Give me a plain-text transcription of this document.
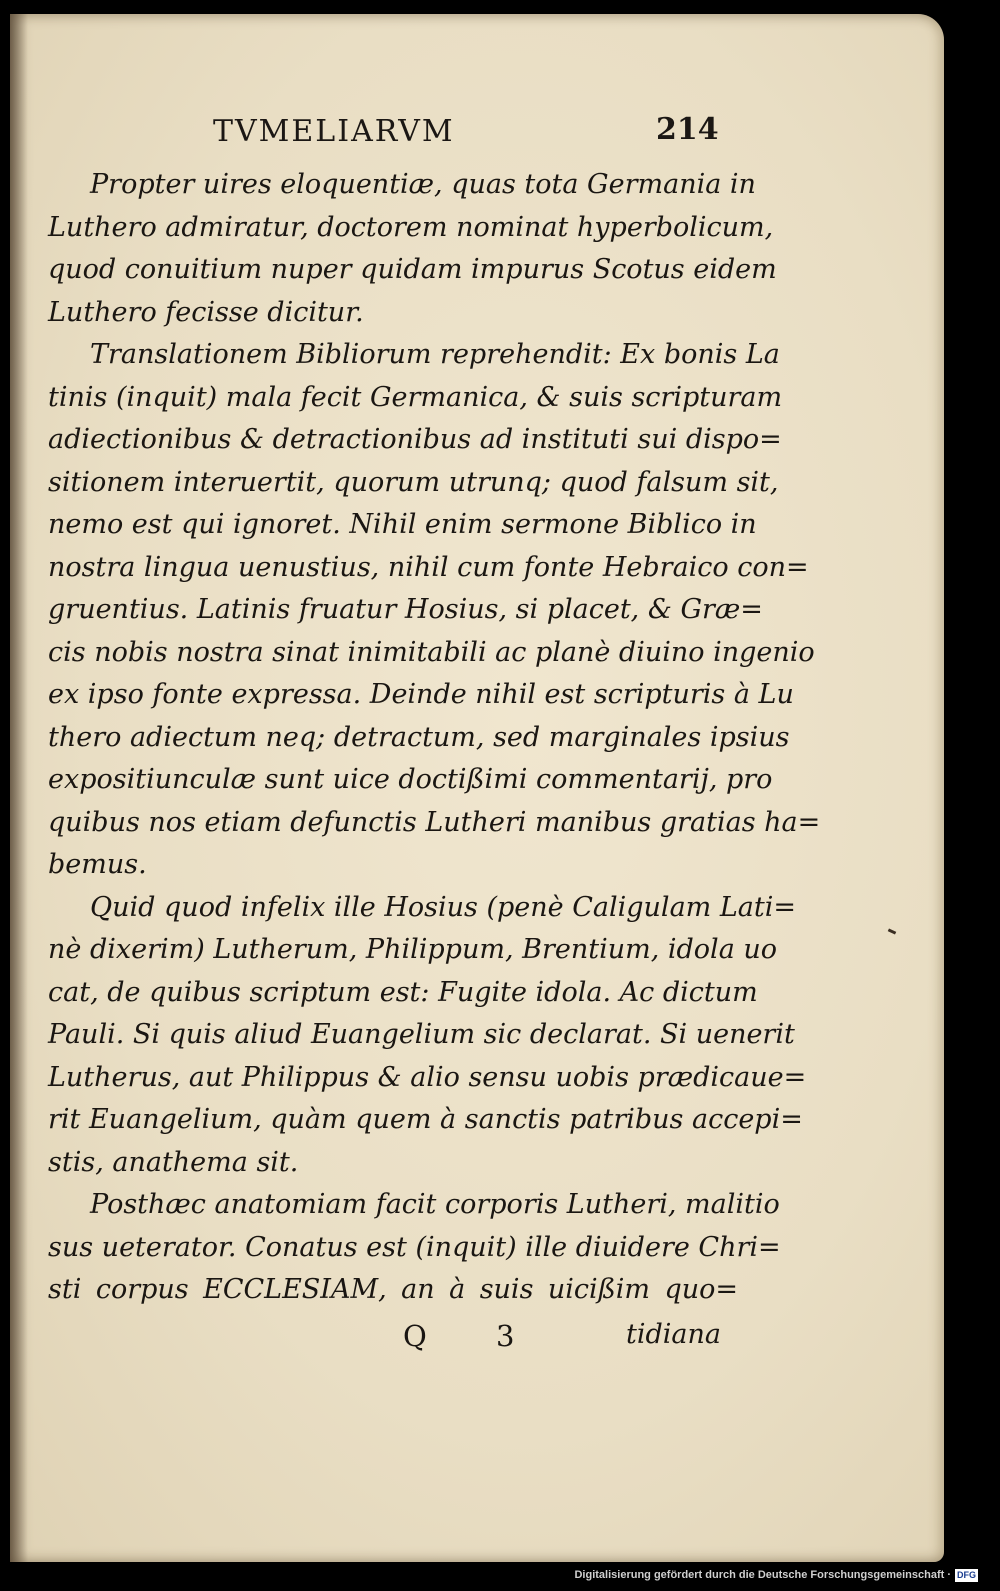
TVMELIARVM	214
Propter uires eloquentiæ, quas tota Germania in
Luthero admiratur, doctorem nominat hyperbolicum,
quod conuitium nuper quidam impurus Scotus eidem
Luthero fecisse dicitur.
Translationem Bibliorum reprehendit: Ex bonis La
tinis (inquit) mala fecit Germanica, & suis scripturam
adiectionibus & detractionibus ad instituti sui dispo=
sitionem interuertit, quorum utrunq; quod falsum sit,
nemo est qui ignoret. Nihil enim sermone Biblico in
nostra lingua uenustius, nihil cum fonte Hebraico con=
gruentius. Latinis fruatur Hosius, si placet, & Græ=
cis nobis nostra sinat inimitabili ac planè diuino ingenio
ex ipso fonte expressa. Deinde nihil est scripturis à Lu
thero adiectum neq; detractum, sed marginales ipsius
expositiunculæ sunt uice doctißimi commentarij, pro
quibus nos etiam defunctis Lutheri manibus gratias ha=
bemus.
Quid quod infelix ille Hosius (penè Caligulam Lati=
nè dixerim) Lutherum, Philippum, Brentium, idola uo
cat, de quibus scriptum est: Fugite idola. Ac dictum
Pauli. Si quis aliud Euangelium sic declarat. Si uenerit
Lutherus, aut Philippus & alio sensu uobis prædicaue=
rit Euangelium, quàm quem à sanctis patribus accepi=
stis, anathema sit.
Posthæc anatomiam facit corporis Lutheri, malitio
sus ueterator. Conatus est (inquit) ille diuidere Chri=
sti corpus ECCLESIAM, an à suis uicißim quo=
Q 3	tidiana
Digitalisierung gefördert durch die Deutsche Forschungsgemeinschaft · DFG
